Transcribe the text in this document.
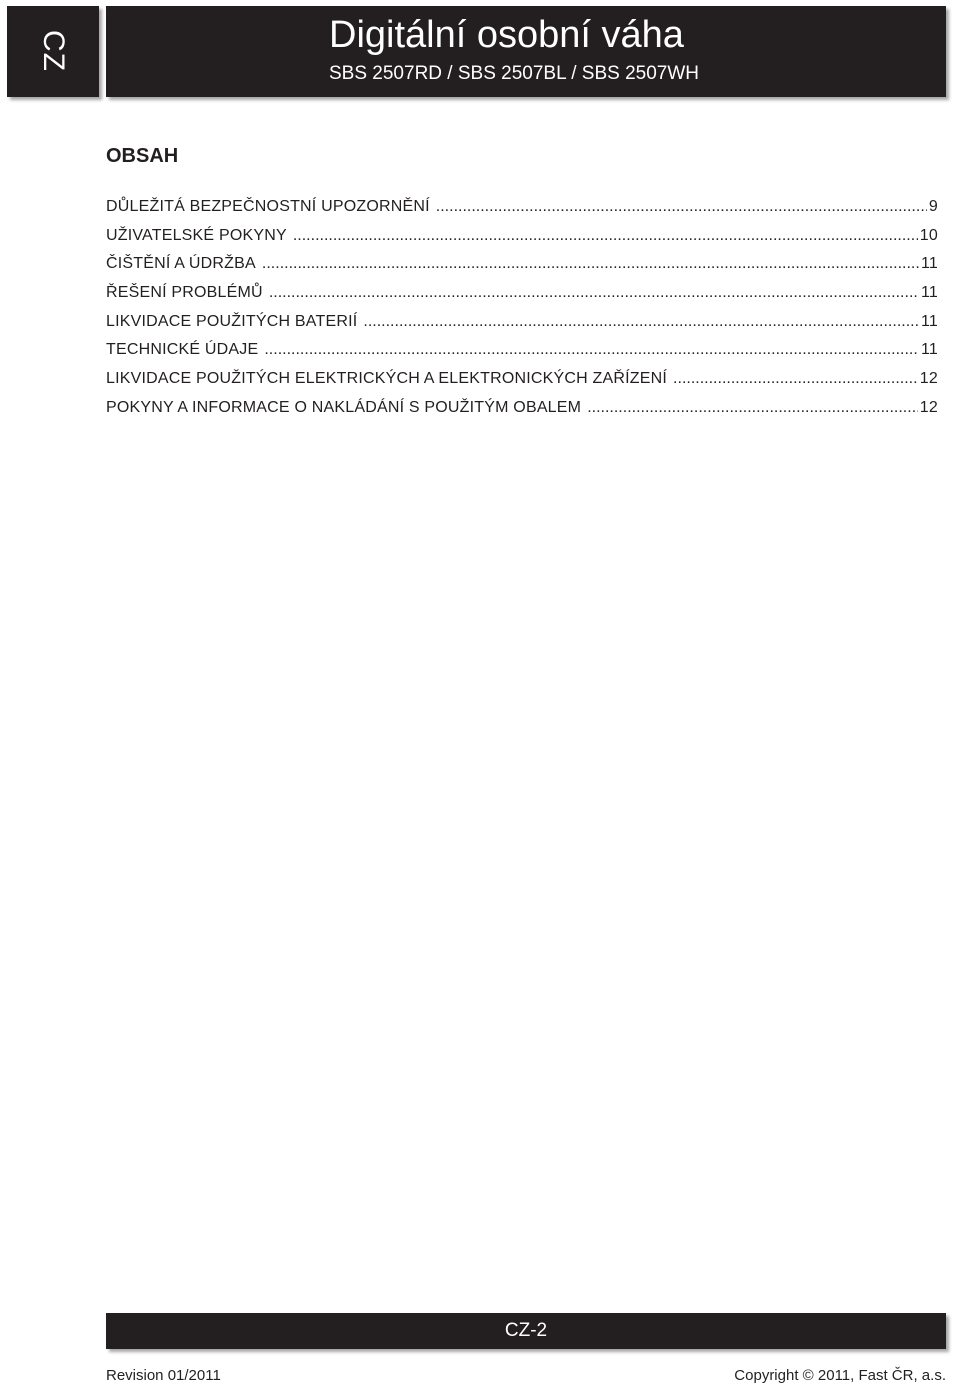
CZ	Digitální osobní váha
SBS 2507RD / SBS 2507BL / SBS 2507WH
OBSAH
DŮLEŽITÁ BEZPEČNOSTNÍ UPOZORNĚNÍ .....	9
UŽIVATELSKÉ POKYNY .....	10
ČIŠTĚNÍ A ÚDRŽBA .....	11
ŘEŠENÍ PROBLÉMŮ .....	11
LIKVIDACE POUŽITÝCH BATERIÍ .....	11
TECHNICKÉ ÚDAJE .....	11
LIKVIDACE POUŽITÝCH ELEKTRICKÝCH A ELEKTRONICKÝCH ZAŘÍZENÍ .....	12
POKYNY A INFORMACE O NAKLÁDÁNÍ S POUŽITÝM OBALEM .....	12
CZ-2
Revision 01/2011	Copyright © 2011, Fast ČR, a.s.
